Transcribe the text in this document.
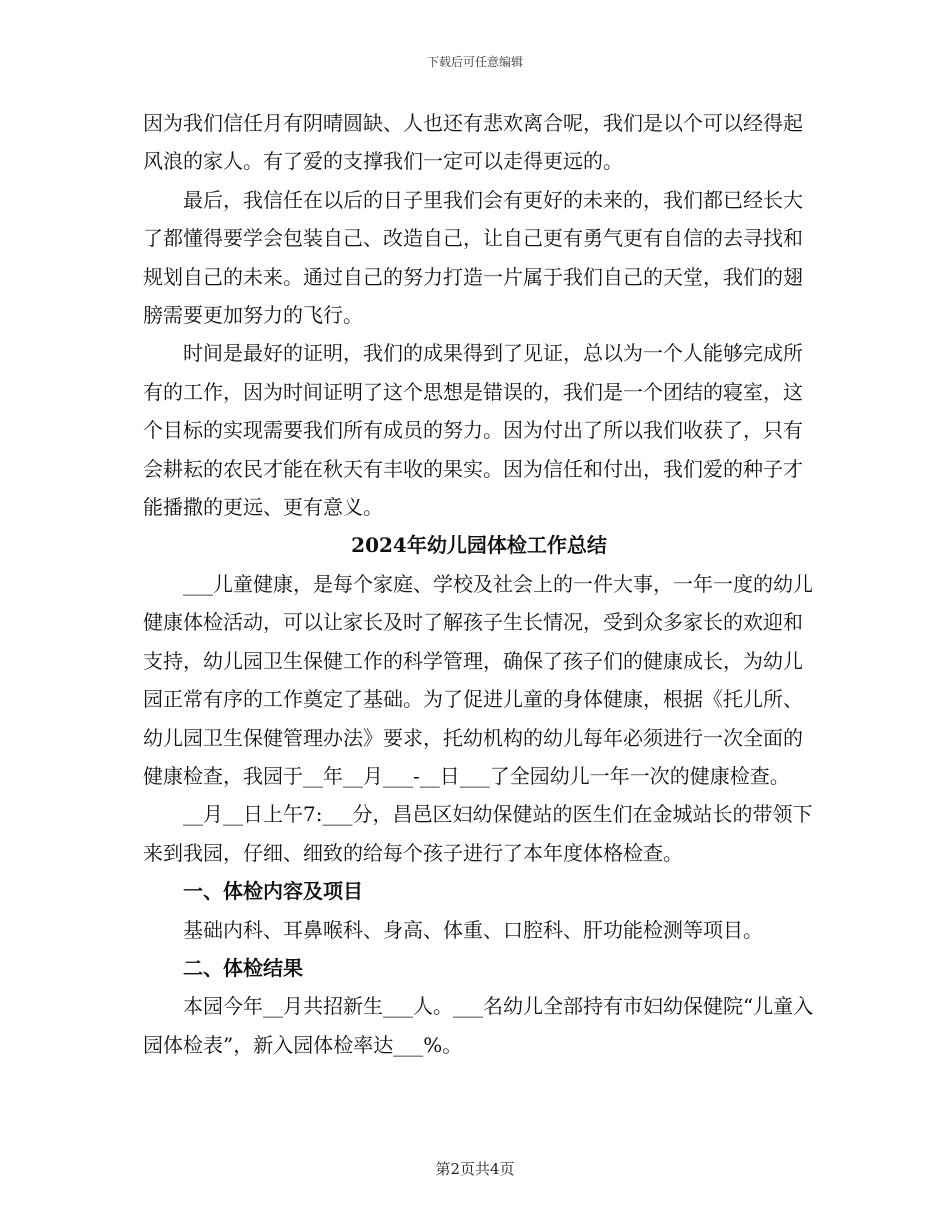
下载后可任意编辑

因为我们信任月有阴晴圆缺、人也还有悲欢离合呢，我们是以个可以经得起风浪的家人。有了爱的支撑我们一定可以走得更远的。

最后，我信任在以后的日子里我们会有更好的未来的，我们都已经长大了都懂得要学会包装自己、改造自己，让自己更有勇气更有自信的去寻找和规划自己的未来。通过自己的努力打造一片属于我们自己的天堂，我们的翅膀需要更加努力的飞行。

时间是最好的证明，我们的成果得到了见证，总以为一个人能够完成所有的工作，因为时间证明了这个思想是错误的，我们是一个团结的寝室，这个目标的实现需要我们所有成员的努力。因为付出了所以我们收获了，只有会耕耘的农民才能在秋天有丰收的果实。因为信任和付出，我们爱的种子才能播撒的更远、更有意义。

2024年幼儿园体检工作总结

___儿童健康，是每个家庭、学校及社会上的一件大事，一年一度的幼儿健康体检活动，可以让家长及时了解孩子生长情况，受到众多家长的欢迎和支持，幼儿园卫生保健工作的科学管理，确保了孩子们的健康成长，为幼儿园正常有序的工作奠定了基础。为了促进儿童的身体健康，根据《托儿所、幼儿园卫生保健管理办法》要求，托幼机构的幼儿每年必须进行一次全面的健康检查，我园于__年__月___-__日___了全园幼儿一年一次的健康检查。

__月__日上午7:___分，昌邑区妇幼保健站的医生们在金城站长的带领下来到我园，仔细、细致的给每个孩子进行了本年度体格检查。

一、体检内容及项目

基础内科、耳鼻喉科、身高、体重、口腔科、肝功能检测等项目。

二、体检结果

本园今年__月共招新生___人。___名幼儿全部持有市妇幼保健院“儿童入园体检表”，新入园体检率达___%。

第2页共4页
